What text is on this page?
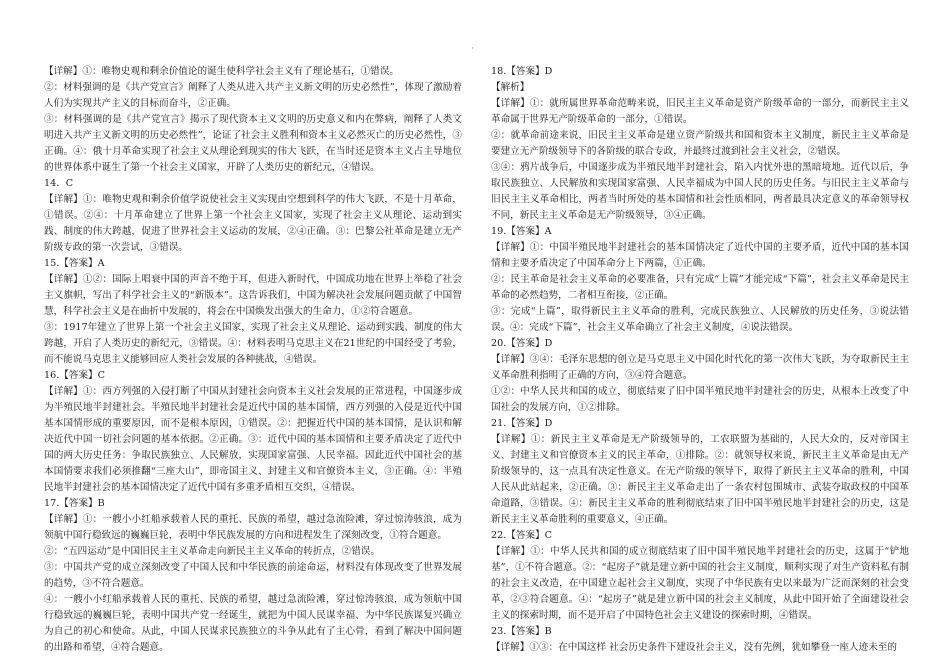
·

【详解】①：唯物史观和剩余价值论的诞生使科学社会主义有了理论基石，①错误。

②：材料强调的是《共产党宣言》阐释了人类从进入共产主义新文明的历史必然性”，体现了激励着人们为实现共产主义的目标而奋斗，②正确。

③：材料强调的是《共产党宣言》揭示了现代资本主义文明的历史意义和内在弊病，阐释了人类文明进入共产主义新文明的历史必然性”，论证了社会主义胜利和资本主义必然灭亡的历史必然性，③正确。④：俄十月革命实现了社会主义从理论到现实的伟大飞跃，在当时还是资本主义占主导地位的世界体系中诞生了第一个社会主义国家，开辟了人类历史的新纪元，④错误。

14．C

【详解】①：唯物史观和剩余价值学说使社会主义实现由空想到科学的伟大飞跃，不是十月革命，①错误。②④：十月革命建立了世界上第一个社会主义国家，实现了社会主义从理论、运动到实践、制度的伟大跨越，促进了世界社会主义运动的发展，②④正确。③：巴黎公社革命是建立无产阶级专政的第一次尝试，③错误。

15.【答案】A

【详解】①②：国际上唱衰中国的声音不绝于耳，但进入新时代，中国成功地在世界上举稳了社会主义旗帜，写出了科学社会主义的“新版本”。这告诉我们，中国为解决社会发展问题贡献了中国智慧，科学社会主义是在曲折中发展的，将会在中国焕发出强大的生命力，①②符合题意。

③：1917年建立了世界上第一个社会主义国家，实现了社会主义从理论、运动到实践、制度的伟大跨越，开启了人类历史的新纪元，③错误。④：材料表明马克思主义在21世纪的中国经受了考验，而不能说马克思主义能够回应人类社会发展的各种挑战，④错误。

16.【答案】C

【详解】①：西方列强的入侵打断了中国从封建社会向资本主义社会发展的正常进程，中国逐步成为半殖民地半封建社会。半殖民地半封建社会是近代中国的基本国情，西方列强的入侵是近代中国基本国情形成的重要原因，而不是根本原因，①错误。②：把握近代中国的基本国情，是认识和解决近代中国一切社会问题的基本依据。②正确。③：近代中国的基本国情和主要矛盾决定了近代中国的两大历史任务：争取民族独立、人民解放，实现国家富强、人民幸福。因此近代中国社会的基本国情要求我们必须推翻“三座大山”，即帝国主义、封建主义和官僚资本主义，③正确。④：半殖民地半封建社会的基本国情决定了近代中国有多重矛盾相互交织，④错误。

17.【答案】B

【详解】①：一艘小小红船承载着人民的重托、民族的希望，越过急流险滩，穿过惊涛骇浪，成为领航中国行稳致远的巍巍巨轮，表明中华民族发展的方向和进程发生了深刻改变，①符合题意。

②：“五四运动”是中国旧民主主义革命走向新民主主义革命的转折点，②错误。

③：中国共产党的成立深刻改变了中国人民和中华民族的前途命运，材料没有体现改变了世界发展的趋势，③不符合题意。

④：一艘小小红船承载着人民的重托、民族的希望，越过急流险滩，穿过惊涛骇浪，成为领航中国行稳致远的巍巍巨轮，表明中国共产党一经诞生，就把为中国人民谋幸福、为中华民族谋复兴确立为自己的初心和使命。从此，中国人民谋求民族独立的斗争从此有了主心骨，看到了解决中国问题的出路和希望，④符合题意。

18.【答案】D

【解析】

【详解】①：就所属世界革命范畴来说，旧民主主义革命是资产阶级革命的一部分，而新民主主义革命属于世界无产阶级革命的一部分，①错误。

②：就革命前途来说，旧民主主义革命是建立资产阶级共和国和资本主义制度，新民主主义革命是要建立无产阶级领导下的各阶级的联合专政，并最终过渡到社会主义社会，②错误。

③④：鸦片战争后，中国逐步成为半殖民地半封建社会，陷入内忧外患的黑暗境地。近代以后，争取民族独立、人民解放和实现国家富强、人民幸福成为中国人民的历史任务。与旧民主主义革命与旧民主主义革命相比，两者当时所处的基本国情和社会性质相同，两者最具决定意义的革命领导权不同，新民主主义革命是无产阶级领导，③④正确。

19.【答案】A

【详解】①：中国半殖民地半封建社会的基本国情决定了近代中国的主要矛盾，近代中国的基本国情和主要矛盾决定了中国革命分上下两篇，①正确。

②：民主革命是社会主义革命的必要准备，只有完成“上篇”才能完成“下篇”，社会主义革命是民主革命的必然趋势，二者相互衔接，②正确。

③：完成“上篇”，取得新民主主义革命的胜利，完成民族独立、人民解放的历史任务，③说法错误。④：完成“下篇”，社会主义革命确立了社会主义制度，④说法错误。

20.【答案】D

【详解】③④：毛泽东思想的创立是马克思主义中国化时代化的第一次伟大飞跃，为夺取新民主主义革命胜利指明了正确的方向，③④符合题意。

①②：中华人民共和国的成立，彻底结束了旧中国半殖民地半封建社会的历史，从根本上改变了中国社会的发展方向，①②排除。

21.【答案】D

【详解】①：新民主主义革命是无产阶级领导的，工农联盟为基础的，人民大众的，反对帝国主义、封建主义和官僚资本主义的民主革命，①排除。②：就领导权来说，新民主主义革命是由无产阶级领导的，这一点具有决定性意义。在无产阶级的领导下，取得了新民主主义革命的胜利，中国人民从此站起来，②正确。③：新民主主义革命走出了一条农村包围城市、武装夺取政权的中国革命道路，③错误。④：新民主主义革命的胜利彻底结束了旧中国半殖民地半封建社会的历史，这是新民主主义革命胜利的重要意义，④正确。

22.【答案】C

【详解】①：中华人民共和国的成立彻底结束了旧中国半殖民地半封建社会的历史，这属于“铲地基”，①不符合题意。②：“起房子”就是建立新中国的社会主义制度，顺利实现了对生产资料私有制的社会主义改造，在中国建立起社会主义制度，实现了中华民族有史以来最为广泛而深刻的社会变革，②③符合题意。④：“起房子”就是建立新中国的社会主义制度，从此中国开始了全面建设社会主义的探索时期，而不是开启了中国特色社会主义建设的探索时期，④错误。

23.【答案】B

【详解】①③：在中国这样 社会历史条件下建设社会主义，没有先例，犹如攀登一座人迹未至的
